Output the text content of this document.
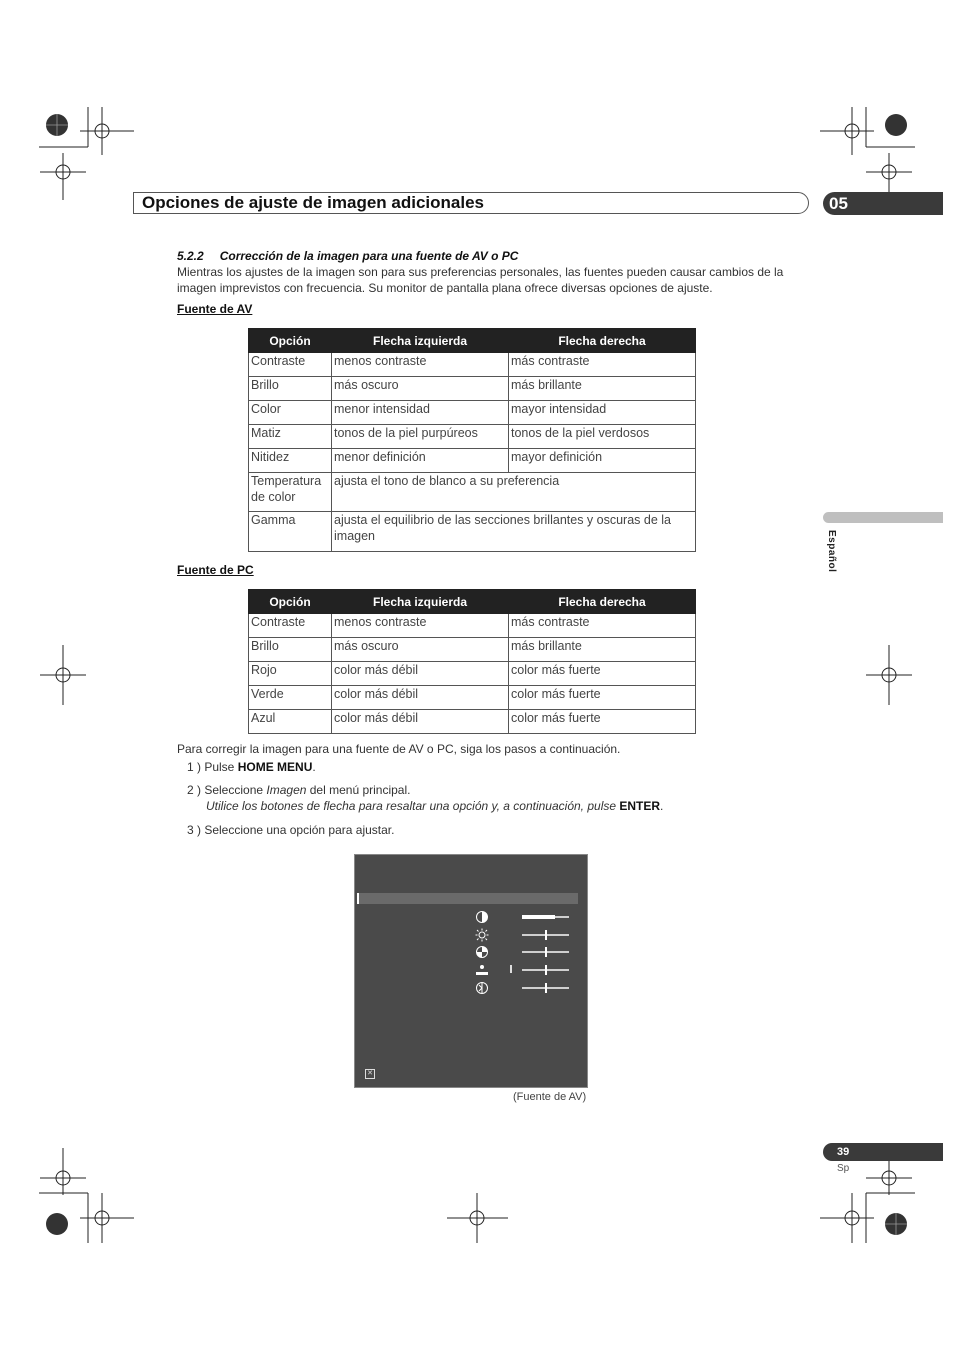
Opciones de ajuste de imagen adicionales	05
Español
5.2.2 Corrección de la imagen para una fuente de AV o PC
Mientras los ajustes de la imagen son para sus preferencias personales, las fuentes pueden causar cambios de la imagen imprevistos con frecuencia. Su monitor de pantalla plana ofrece diversas opciones de ajuste.
Fuente de AV
Opción	Flecha izquierda	Flecha derecha
Contraste	menos contraste	más contraste
Brillo	más oscuro	más brillante
Color	menor intensidad	mayor intensidad
Matiz	tonos de la piel purpúreos	tonos de la piel verdosos
Nitidez	menor definición	mayor definición
Temperatura de color	ajusta el tono de blanco a su preferencia	
Gamma	ajusta el equilibrio de las secciones brillantes y oscuras de la imagen	
Fuente de PC
Opción	Flecha izquierda	Flecha derecha
Contraste	menos contraste	más contraste
Brillo	más oscuro	más brillante
Rojo	color más débil	color más fuerte
Verde	color más débil	color más fuerte
Azul	color más débil	color más fuerte
Para corregir la imagen para una fuente de AV o PC, siga los pasos a continuación.
1 ) Pulse HOME MENU.
2 ) Seleccione Imagen del menú principal.
Utilice los botones de flecha para resaltar una opción y, a continuación, pulse ENTER.
3 ) Seleccione una opción para ajustar.
✕
(Fuente de AV)
39
Sp
